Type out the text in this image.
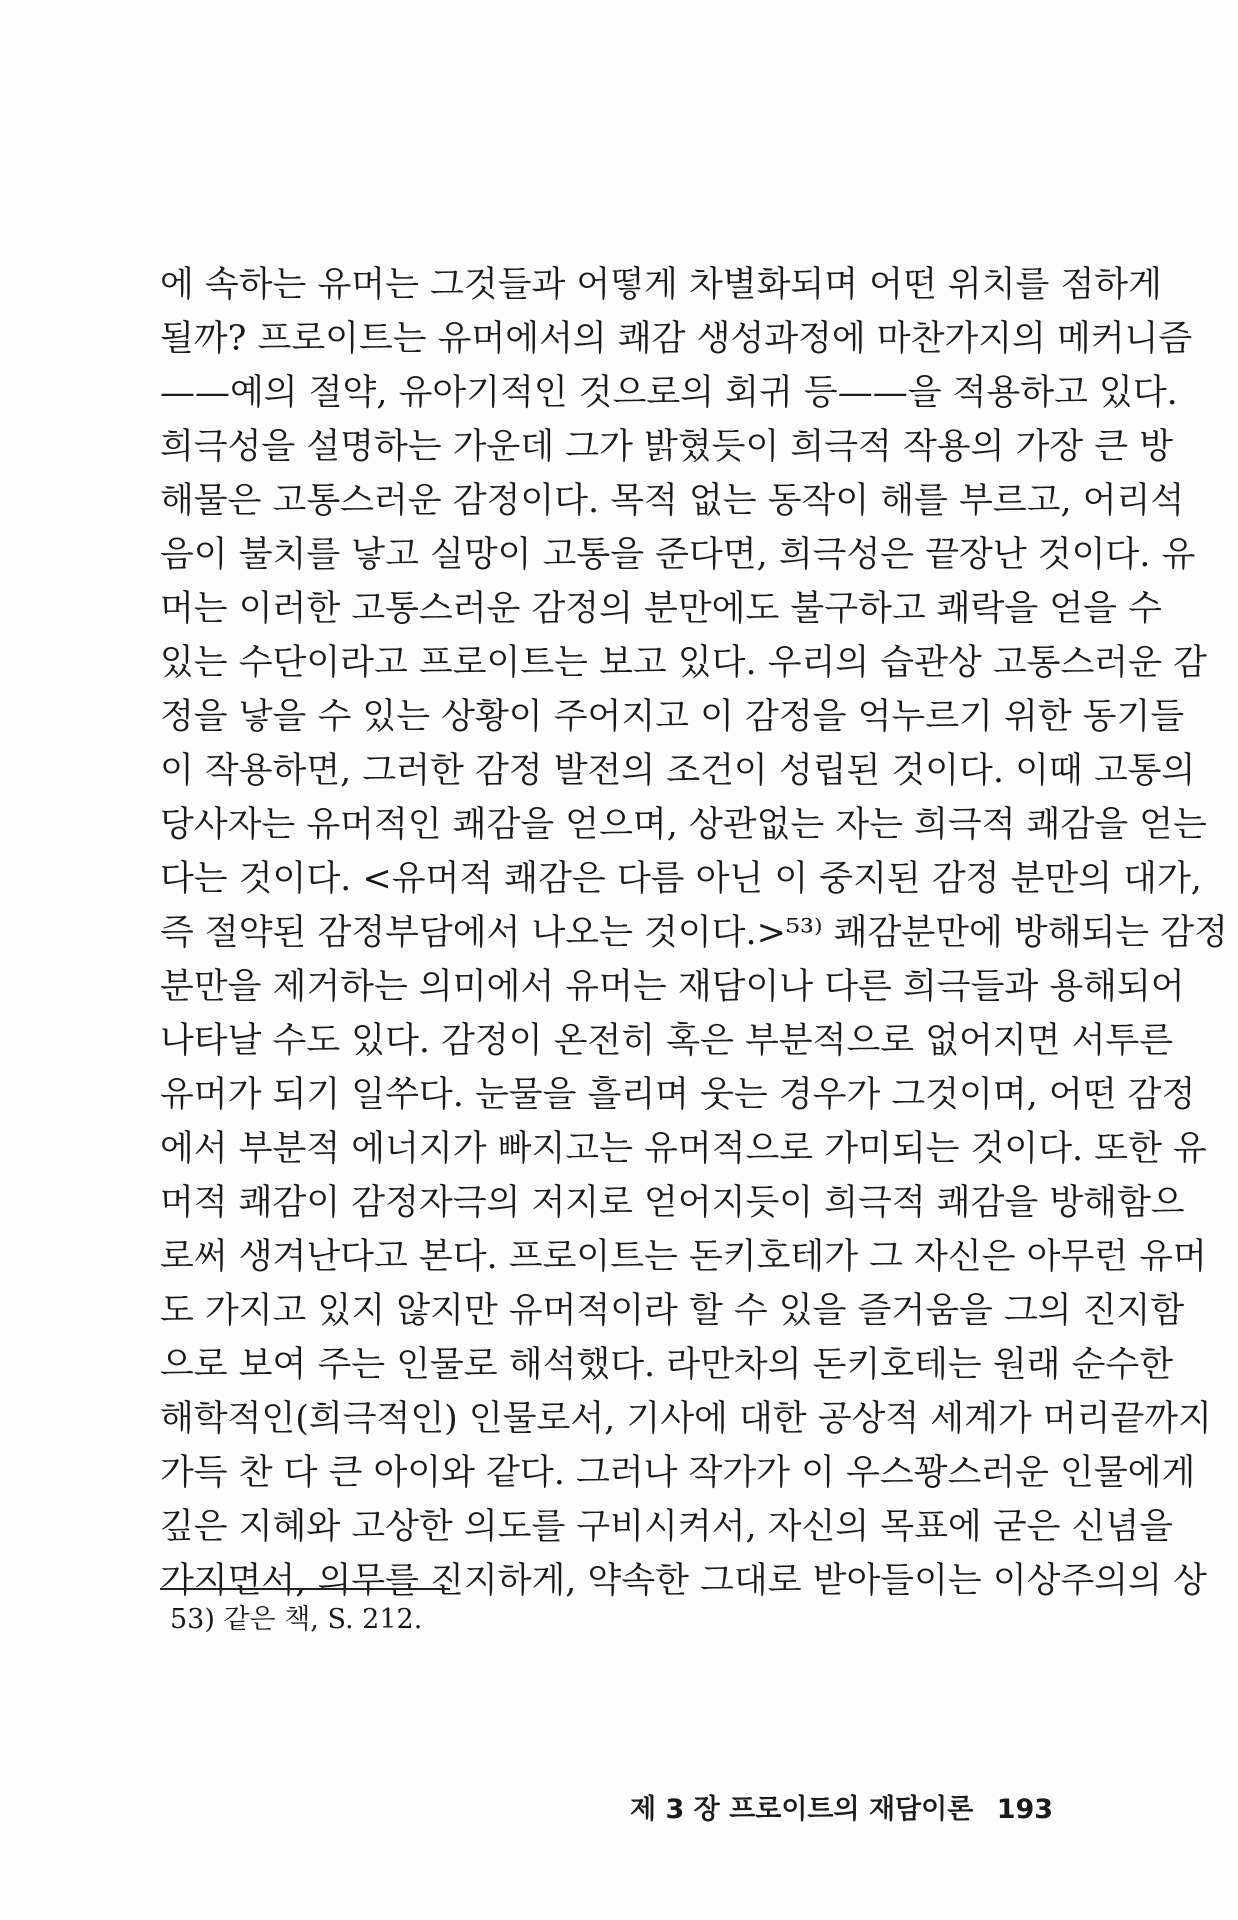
에 속하는 유머는 그것들과 어떻게 차별화되며 어떤 위치를 점하게
될까? 프로이트는 유머에서의 쾌감 생성과정에 마찬가지의 메커니즘
——예의 절약, 유아기적인 것으로의 회귀 등——을 적용하고 있다.
희극성을 설명하는 가운데 그가 밝혔듯이 희극적 작용의 가장 큰 방
해물은 고통스러운 감정이다. 목적 없는 동작이 해를 부르고, 어리석
음이 불치를 낳고 실망이 고통을 준다면, 희극성은 끝장난 것이다. 유
머는 이러한 고통스러운 감정의 분만에도 불구하고 쾌락을 얻을 수
있는 수단이라고 프로이트는 보고 있다. 우리의 습관상 고통스러운 감
정을 낳을 수 있는 상황이 주어지고 이 감정을 억누르기 위한 동기들
이 작용하면, 그러한 감정 발전의 조건이 성립된 것이다. 이때 고통의
당사자는 유머적인 쾌감을 얻으며, 상관없는 자는 희극적 쾌감을 얻는
다는 것이다. <유머적 쾌감은 다름 아닌 이 중지된 감정 분만의 대가,
즉 절약된 감정부담에서 나오는 것이다.>⁵³⁾ 쾌감분만에 방해되는 감정
분만을 제거하는 의미에서 유머는 재담이나 다른 희극들과 용해되어
나타날 수도 있다. 감정이 온전히 혹은 부분적으로 없어지면 서투른
유머가 되기 일쑤다. 눈물을 흘리며 웃는 경우가 그것이며, 어떤 감정
에서 부분적 에너지가 빠지고는 유머적으로 가미되는 것이다. 또한 유
머적 쾌감이 감정자극의 저지로 얻어지듯이 희극적 쾌감을 방해함으
로써 생겨난다고 본다. 프로이트는 돈키호테가 그 자신은 아무런 유머
도 가지고 있지 않지만 유머적이라 할 수 있을 즐거움을 그의 진지함
으로 보여 주는 인물로 해석했다. 라만차의 돈키호테는 원래 순수한
해학적인(희극적인) 인물로서, 기사에 대한 공상적 세계가 머리끝까지
가득 찬 다 큰 아이와 같다. 그러나 작가가 이 우스꽝스러운 인물에게
깊은 지혜와 고상한 의도를 구비시켜서, 자신의 목표에 굳은 신념을
가지면서, 의무를 진지하게, 약속한 그대로 받아들이는 이상주의의 상
53) 같은 책, S. 212.
제 3 장 프로이트의 재담이론 193
